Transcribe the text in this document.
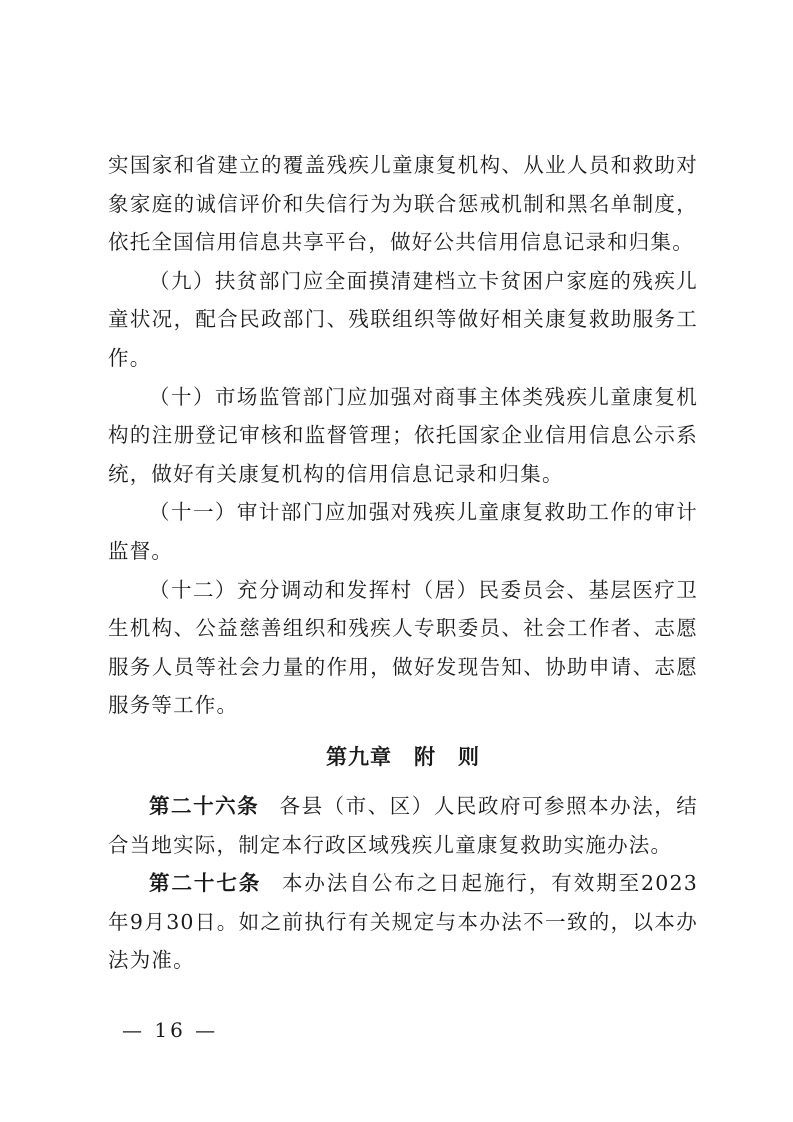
实国家和省建立的覆盖残疾儿童康复机构、从业人员和救助对象家庭的诚信评价和失信行为为联合惩戒机制和黑名单制度，依托全国信用信息共享平台，做好公共信用信息记录和归集。

（九）扶贫部门应全面摸清建档立卡贫困户家庭的残疾儿童状况，配合民政部门、残联组织等做好相关康复救助服务工作。

（十）市场监管部门应加强对商事主体类残疾儿童康复机构的注册登记审核和监督管理；依托国家企业信用信息公示系统，做好有关康复机构的信用信息记录和归集。

（十一）审计部门应加强对残疾儿童康复救助工作的审计监督。

（十二）充分调动和发挥村（居）民委员会、基层医疗卫生机构、公益慈善组织和残疾人专职委员、社会工作者、志愿服务人员等社会力量的作用，做好发现告知、协助申请、志愿服务等工作。

第九章 附　则

第二十六条 各县（市、区）人民政府可参照本办法，结合当地实际，制定本行政区域残疾儿童康复救助实施办法。

第二十七条 本办法自公布之日起施行，有效期至2023年9月30日。如之前执行有关规定与本办法不一致的，以本办法为准。

— 16 —
